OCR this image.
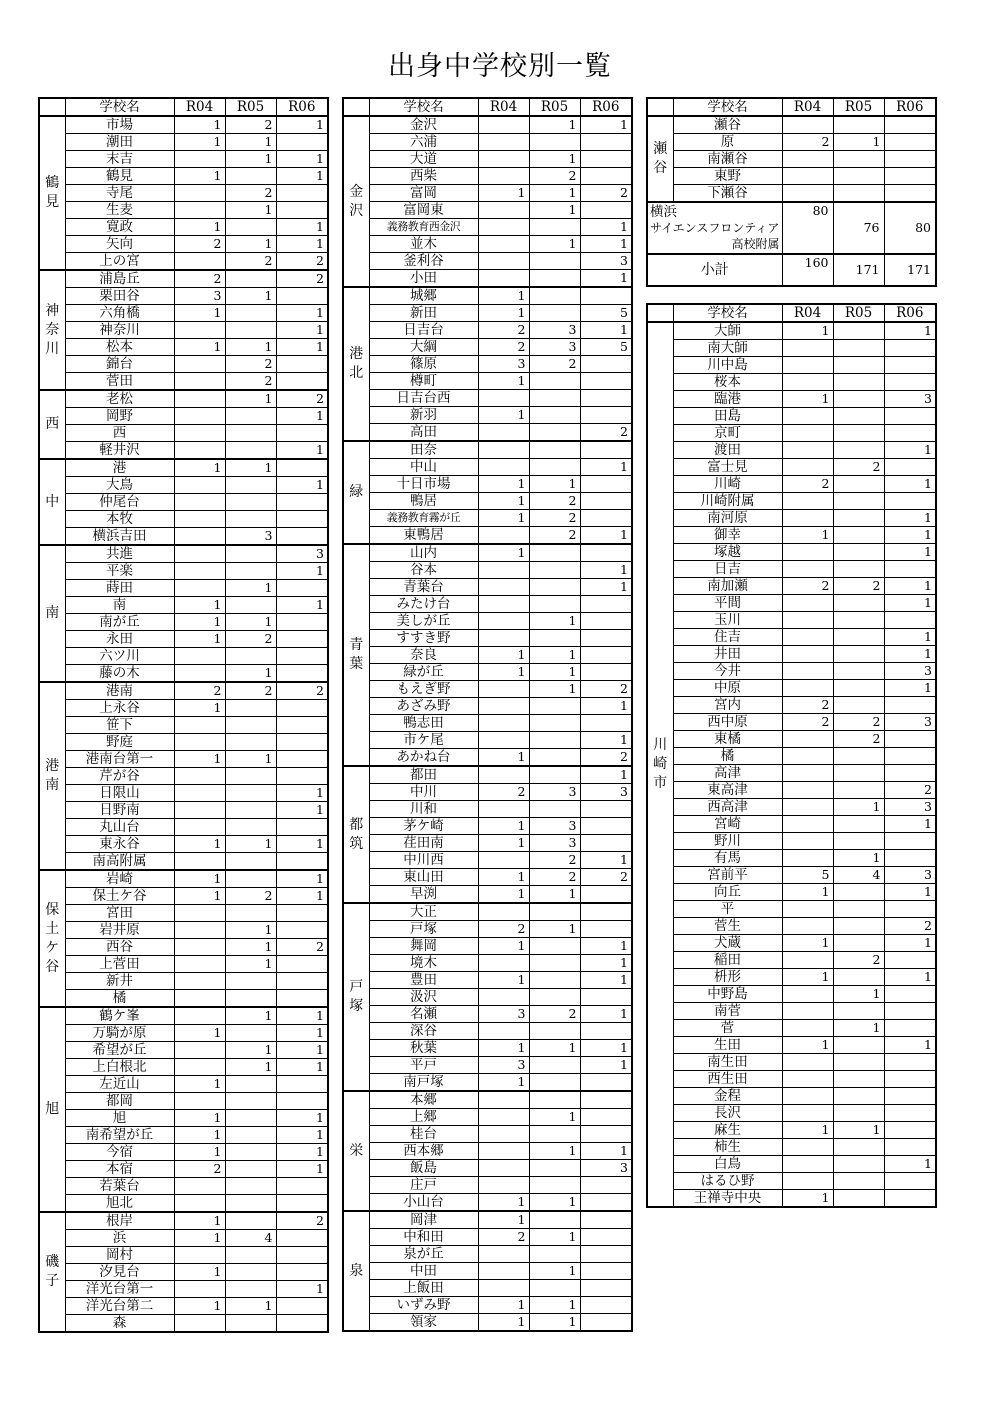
出身中学校別一覧
	学校名	R04	R05	R06
鶴見	市場	1	2	1
	潮田	1	1	
	末吉		1	1
	鶴見	1		1
	寺尾		2	
	生麦		1	
	寛政	1		1
	矢向	2	1	1
	上の宮		2	2
神奈川	浦島丘	2		2
	栗田谷	3	1	
	六角橋	1		1
	神奈川			1
	松本	1	1	1
	錦台		2	
	菅田		2	
西	老松		1	2
	岡野			1
	西			
	軽井沢			1
中	港	1	1	
	大鳥			1
	仲尾台			
	本牧			
	横浜吉田		3	
南	共進			3
	平楽			1
	蒔田		1	
	南	1		1
	南が丘	1	1	
	永田	1	2	
	六ツ川			
	藤の木		1	
港南	港南	2	2	2
	上永谷	1		
	笹下			
	野庭			
	港南台第一	1	1	
	芹が谷			
	日限山			1
	日野南			1
	丸山台			
	東永谷	1	1	1
	南高附属			
保土ケ谷	岩崎	1		1
	保土ケ谷	1	2	1
	宮田			
	岩井原		1	
	西谷		1	2
	上菅田		1	
	新井			
	橘			
旭	鶴ケ峯		1	1
	万騎が原	1		1
	希望が丘		1	1
	上白根北		1	1
	左近山	1		
	都岡			
	旭	1		1
	南希望が丘	1		1
	今宿	1		1
	本宿	2		1
	若葉台			
	旭北			
磯子	根岸	1		2
	浜	1	4	
	岡村			
	汐見台	1		
	洋光台第一			1
	洋光台第二	1	1	
	森			
	学校名	R04	R05	R06
金沢	金沢		1	1
	六浦			
	大道		1	
	西柴		2	
	富岡	1	1	2
	富岡東		1	
	義務教育西金沢			1
	並木		1	1
	釜利谷			3
	小田			1
港北	城郷	1		
	新田	1		5
	日吉台	2	3	1
	大綱	2	3	5
	篠原	3	2	
	樽町	1		
	日吉台西			
	新羽	1		
	高田			2
緑	田奈			
	中山			1
	十日市場	1	1	
	鴨居	1	2	
	義務教育霧が丘	1	2	
	東鴨居		2	1
青葉	山内	1		
	谷本			1
	青葉台			1
	みたけ台			
	美しが丘		1	
	すすき野			
	奈良	1	1	
	緑が丘	1	1	
	もえぎ野		1	2
	あざみ野			1
	鴨志田			
	市ケ尾			1
	あかね台	1		2
都筑	都田			1
	中川	2	3	3
	川和			
	茅ケ崎	1	3	
	荏田南	1	3	
	中川西		2	1
	東山田	1	2	2
	早渕	1	1	
戸塚	大正			
	戸塚	2	1	
	舞岡	1		1
	境木			1
	豊田	1		1
	汲沢			
	名瀬	3	2	1
	深谷			
	秋葉	1	1	1
	平戸	3		1
	南戸塚	1		
栄	本郷			
	上郷		1	
	桂台			
	西本郷		1	1
	飯島			3
	庄戸			
	小山台	1	1	
泉	岡津	1		
	中和田	2	1	
	泉が丘			
	中田		1	
	上飯田			
	いずみ野	1	1	
	領家	1	1	
	学校名	R04	R05	R06
瀬谷	瀬谷			
	原	2	1	
	南瀬谷			
	東野			
	下瀬谷			

横浜
サイエンスフロンティア
高校附属		80	76	80
小計		160	171	171
	学校名	R04	R05	R06
川崎市	大師	1		1
	南大師			
	川中島			
	桜本			
	臨港	1		3
	田島			
	京町			
	渡田			1
	富士見		2	
	川崎	2		1
	川崎附属			
	南河原			1
	御幸	1		1
	塚越			1
	日吉			
	南加瀬	2	2	1
	平間			1
	玉川			
	住吉			1
	井田			1
	今井			3
	中原			1
	宮内	2		
	西中原	2	2	3
	東橘		2	
	橘			
	高津			
	東高津			2
	西高津		1	3
	宮崎			1
	野川			
	有馬		1	
	宮前平	5	4	3
	向丘	1		1
	平			
	菅生			2
	犬蔵	1		1
	稲田		2	
	枡形	1		1
	中野島		1	
	南菅			
	菅		1	
	生田	1		1
	南生田			
	西生田			
	金程			
	長沢			
	麻生	1	1	
	柿生			
	白鳥			1
	はるひ野			
	王禅寺中央	1		
